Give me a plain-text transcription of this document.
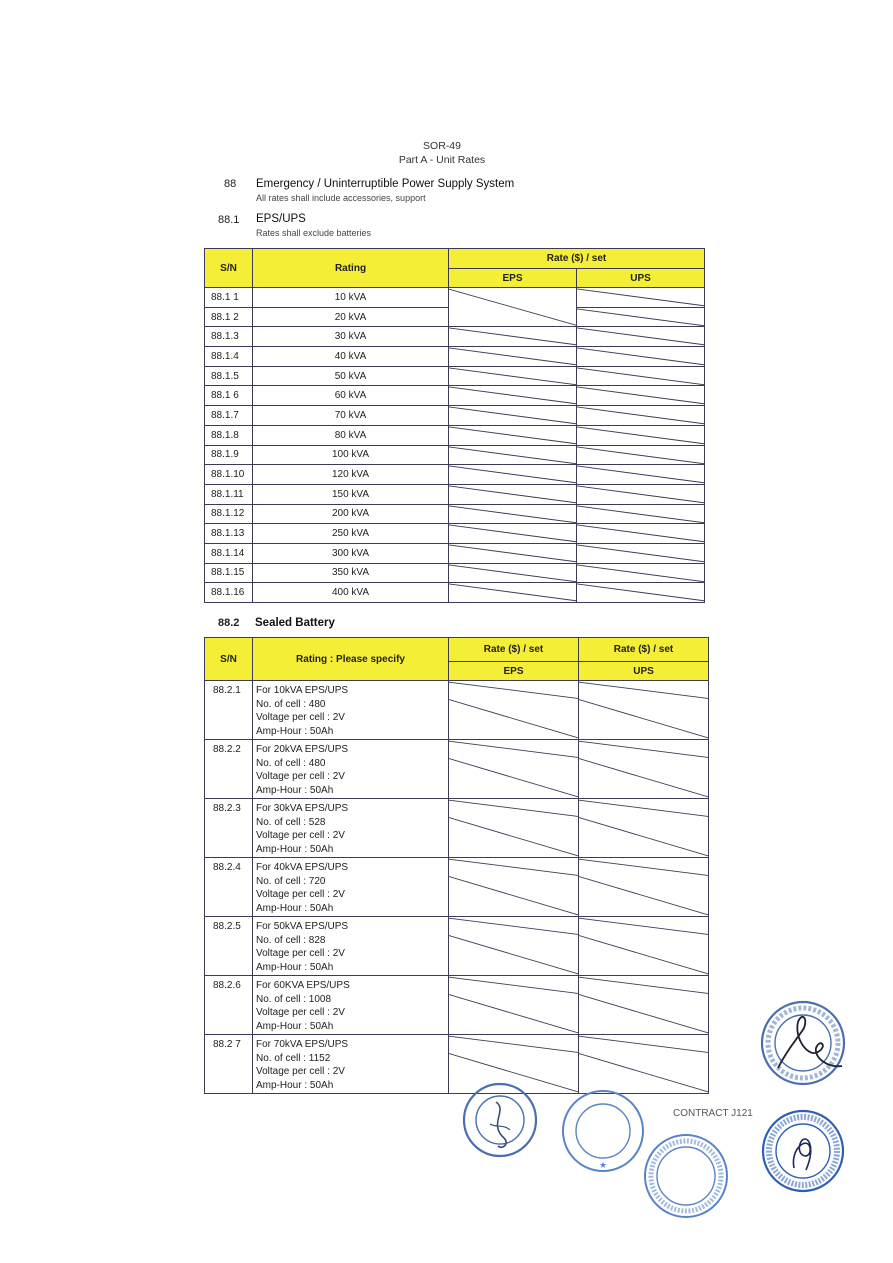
SOR-49
Part A - Unit Rates
88 Emergency / Uninterruptible Power Supply System
All rates shall include accessories, support
88.1 EPS/UPS
Rates shall exclude batteries
S/N	Rating	Rate ($) / set	
		EPS	UPS
88.1 1	10 kVA	

88.1 2	20 kVA	

88.1.3	30 kVA	

88.1.4	40 kVA	

88.1.5	50 kVA	

88.1 6	60 kVA	

88.1.7	70 kVA	

88.1.8	80 kVA	

88.1.9	100 kVA	

88.1.10	120 kVA	

88.1.11	150 kVA	

88.1.12	200 kVA	

88.1.13	250 kVA	

88.1.14	300 kVA	

88.1.15	350 kVA	

88.1.16	400 kVA	

88.2 Sealed Battery
S/N	Rating : Please specify	Rate ($) / set	Rate ($) / set
		EPS	UPS
88.2.1	For 10kVA EPS/UPS
No. of cell : 480
Voltage per cell : 2V
Amp-Hour : 50Ah

88.2.2	For 20kVA EPS/UPS
No. of cell : 480
Voltage per cell : 2V
Amp-Hour : 50Ah

88.2.3	For 30kVA EPS/UPS
No. of cell : 528
Voltage per cell : 2V
Amp-Hour : 50Ah

88.2.4	For 40kVA EPS/UPS
No. of cell : 720
Voltage per cell : 2V
Amp-Hour : 50Ah

88.2.5	For 50kVA EPS/UPS
No. of cell : 828
Voltage per cell : 2V
Amp-Hour : 50Ah

88.2.6	For 60KVA EPS/UPS
No. of cell : 1008
Voltage per cell : 2V
Amp-Hour : 50Ah

88.2 7	For 70kVA EPS/UPS
No. of cell : 1152
Voltage per cell : 2V
Amp-Hour : 50Ah

CONTRACT J121
★
